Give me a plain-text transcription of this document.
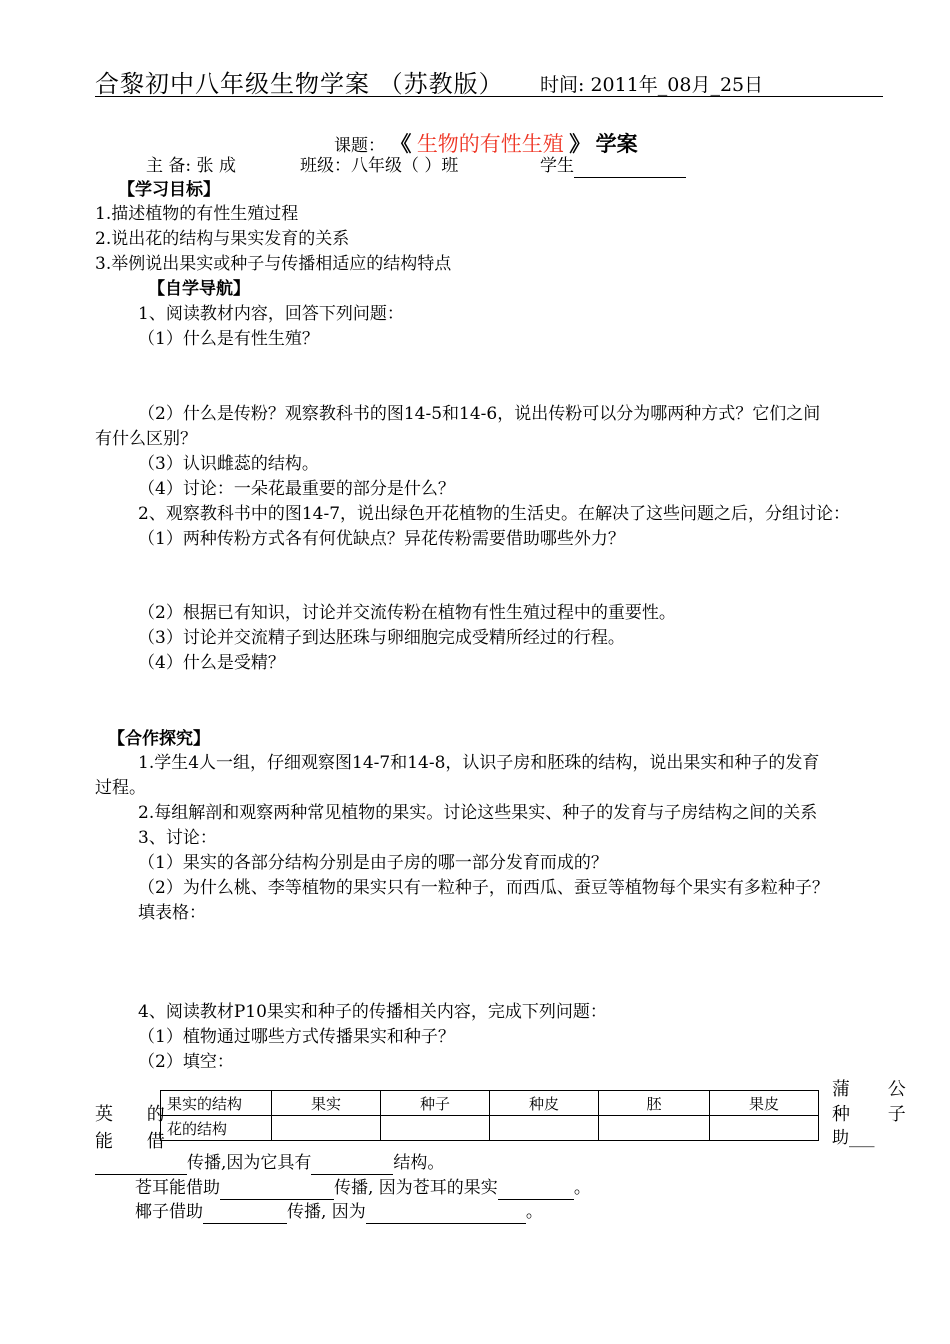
合黎初中八年级生物学案 （苏教版） 时间: 2011年_08月_25日
课题： 《 生物的有性生殖 》 学案
主 备: 张 成	班级：八年级（ ）班	学生
【学习目标】
1.描述植物的有性生殖过程
2.说出花的结构与果实发育的关系
3.举例说出果实或种子与传播相适应的结构特点
【自学导航】
1、阅读教材内容，回答下列问题：
（1）什么是有性生殖？
（2）什么是传粉？观察教科书的图14-5和14-6，说出传粉可以分为哪两种方式？它们之间
有什么区别？
（3）认识雌蕊的结构。
（4）讨论：一朵花最重要的部分是什么？
2、观察教科书中的图14-7，说出绿色开花植物的生活史。在解决了这些问题之后，分组讨论：
（1）两种传粉方式各有何优缺点？异花传粉需要借助哪些外力？
（2）根据已有知识，讨论并交流传粉在植物有性生殖过程中的重要性。
（3）讨论并交流精子到达胚珠与卵细胞完成受精所经过的行程。
（4）什么是受精？
【合作探究】
1.学生4人一组，仔细观察图14-7和14-8，认识子房和胚珠的结构，说出果实和种子的发育
过程。
2.每组解剖和观察两种常见植物的果实。讨论这些果实、种子的发育与子房结构之间的关系
3、讨论：
（1）果实的各部分结构分别是由子房的哪一部分发育而成的？
（2）为什么桃、李等植物的果实只有一粒种子，而西瓜、蚕豆等植物每个果实有多粒种子？
填表格：
4、阅读教材P10果实和种子的传播相关内容，完成下列问题：
（1）植物通过哪些方式传播果实和种子？
（2）填空：
英 的
能 借
蒲 公
种 子
助___
果实的结构	果实	种子	种皮	胚	果皮
花的结构					
传播,因为它具有	结构。
苍耳能借助	传播, 因为苍耳的果实	。
椰子借助	传播, 因为	。
